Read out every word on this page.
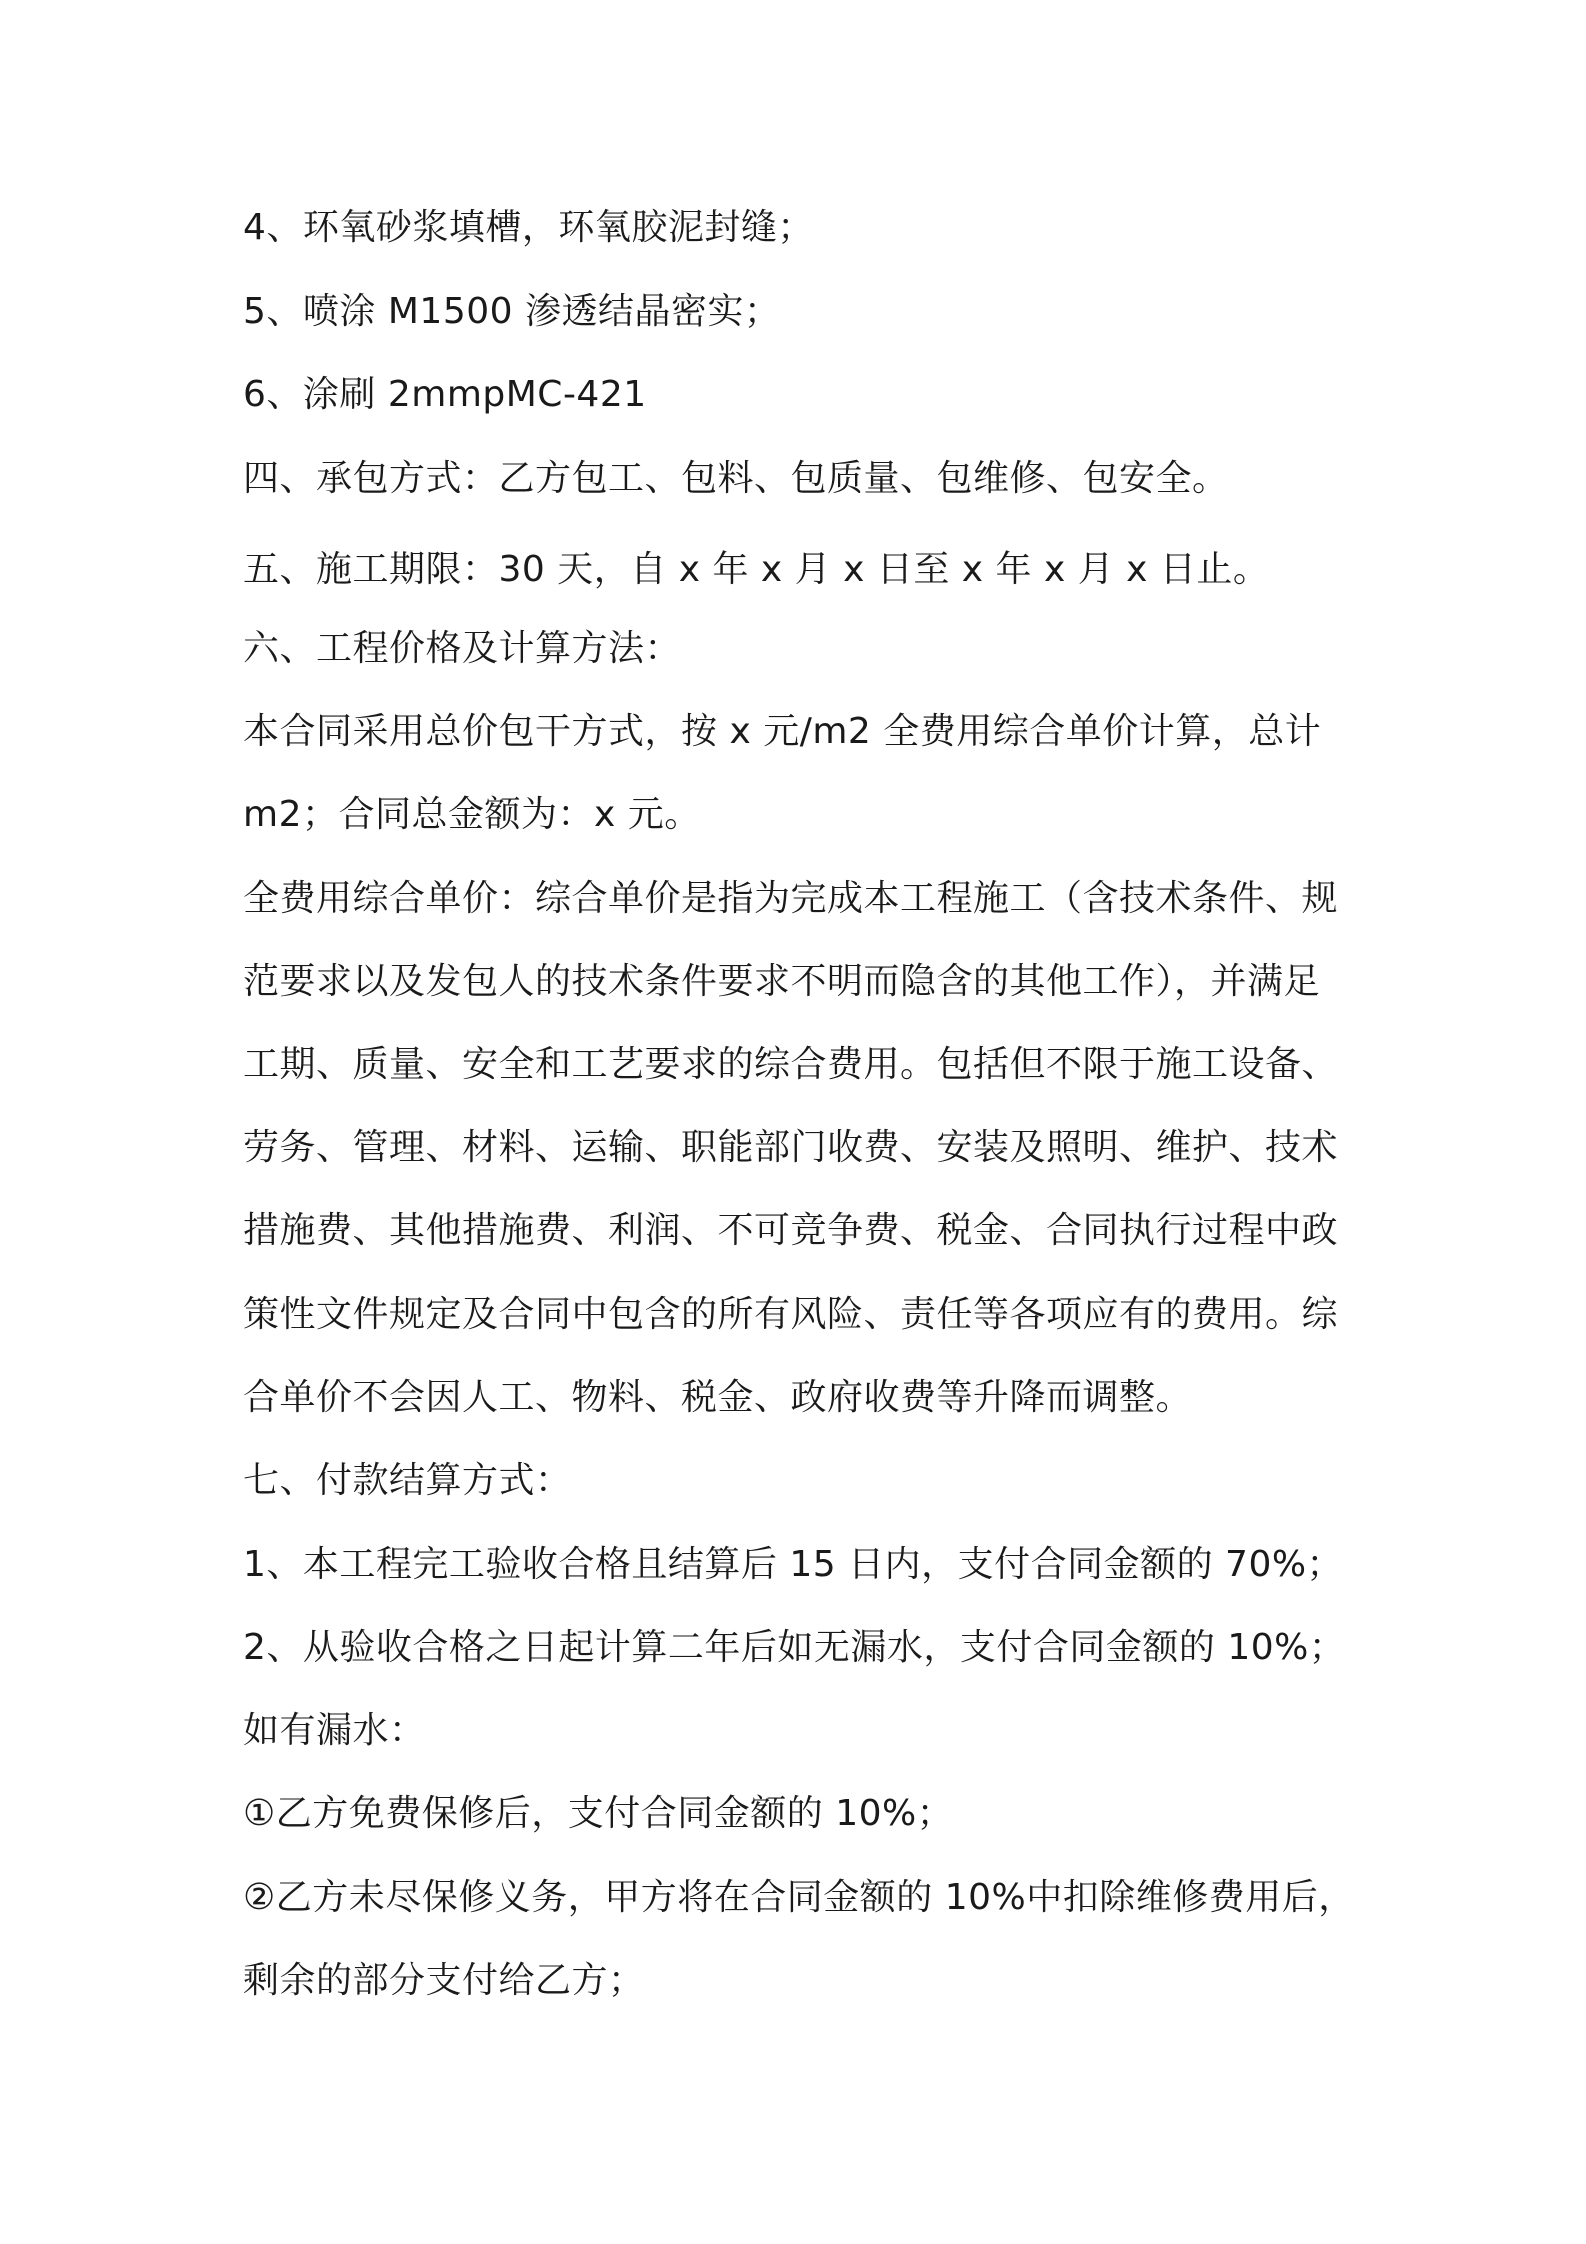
4、环氧砂浆填槽，环氧胶泥封缝；
5、喷涂 M1500 渗透结晶密实；
6、涂刷 2mmpMC-421
四、承包方式：乙方包工、包料、包质量、包维修、包安全。
五、施工期限：30 天，自 x 年 x 月 x 日至 x 年 x 月 x 日止。
六、工程价格及计算方法：
本合同采用总价包干方式，按 x 元/m2 全费用综合单价计算，总计
m2；合同总金额为：x 元。
全费用综合单价：综合单价是指为完成本工程施工（含技术条件、规
范要求以及发包人的技术条件要求不明而隐含的其他工作），并满足
工期、质量、安全和工艺要求的综合费用。包括但不限于施工设备、
劳务、管理、材料、运输、职能部门收费、安装及照明、维护、技术
措施费、其他措施费、利润、不可竞争费、税金、合同执行过程中政
策性文件规定及合同中包含的所有风险、责任等各项应有的费用。综
合单价不会因人工、物料、税金、政府收费等升降而调整。
七、付款结算方式：
1、本工程完工验收合格且结算后 15 日内，支付合同金额的 70%；
2、从验收合格之日起计算二年后如无漏水，支付合同金额的 10%；
如有漏水：
①乙方免费保修后，支付合同金额的 10%；
②乙方未尽保修义务，甲方将在合同金额的 10%中扣除维修费用后，
剩余的部分支付给乙方；
